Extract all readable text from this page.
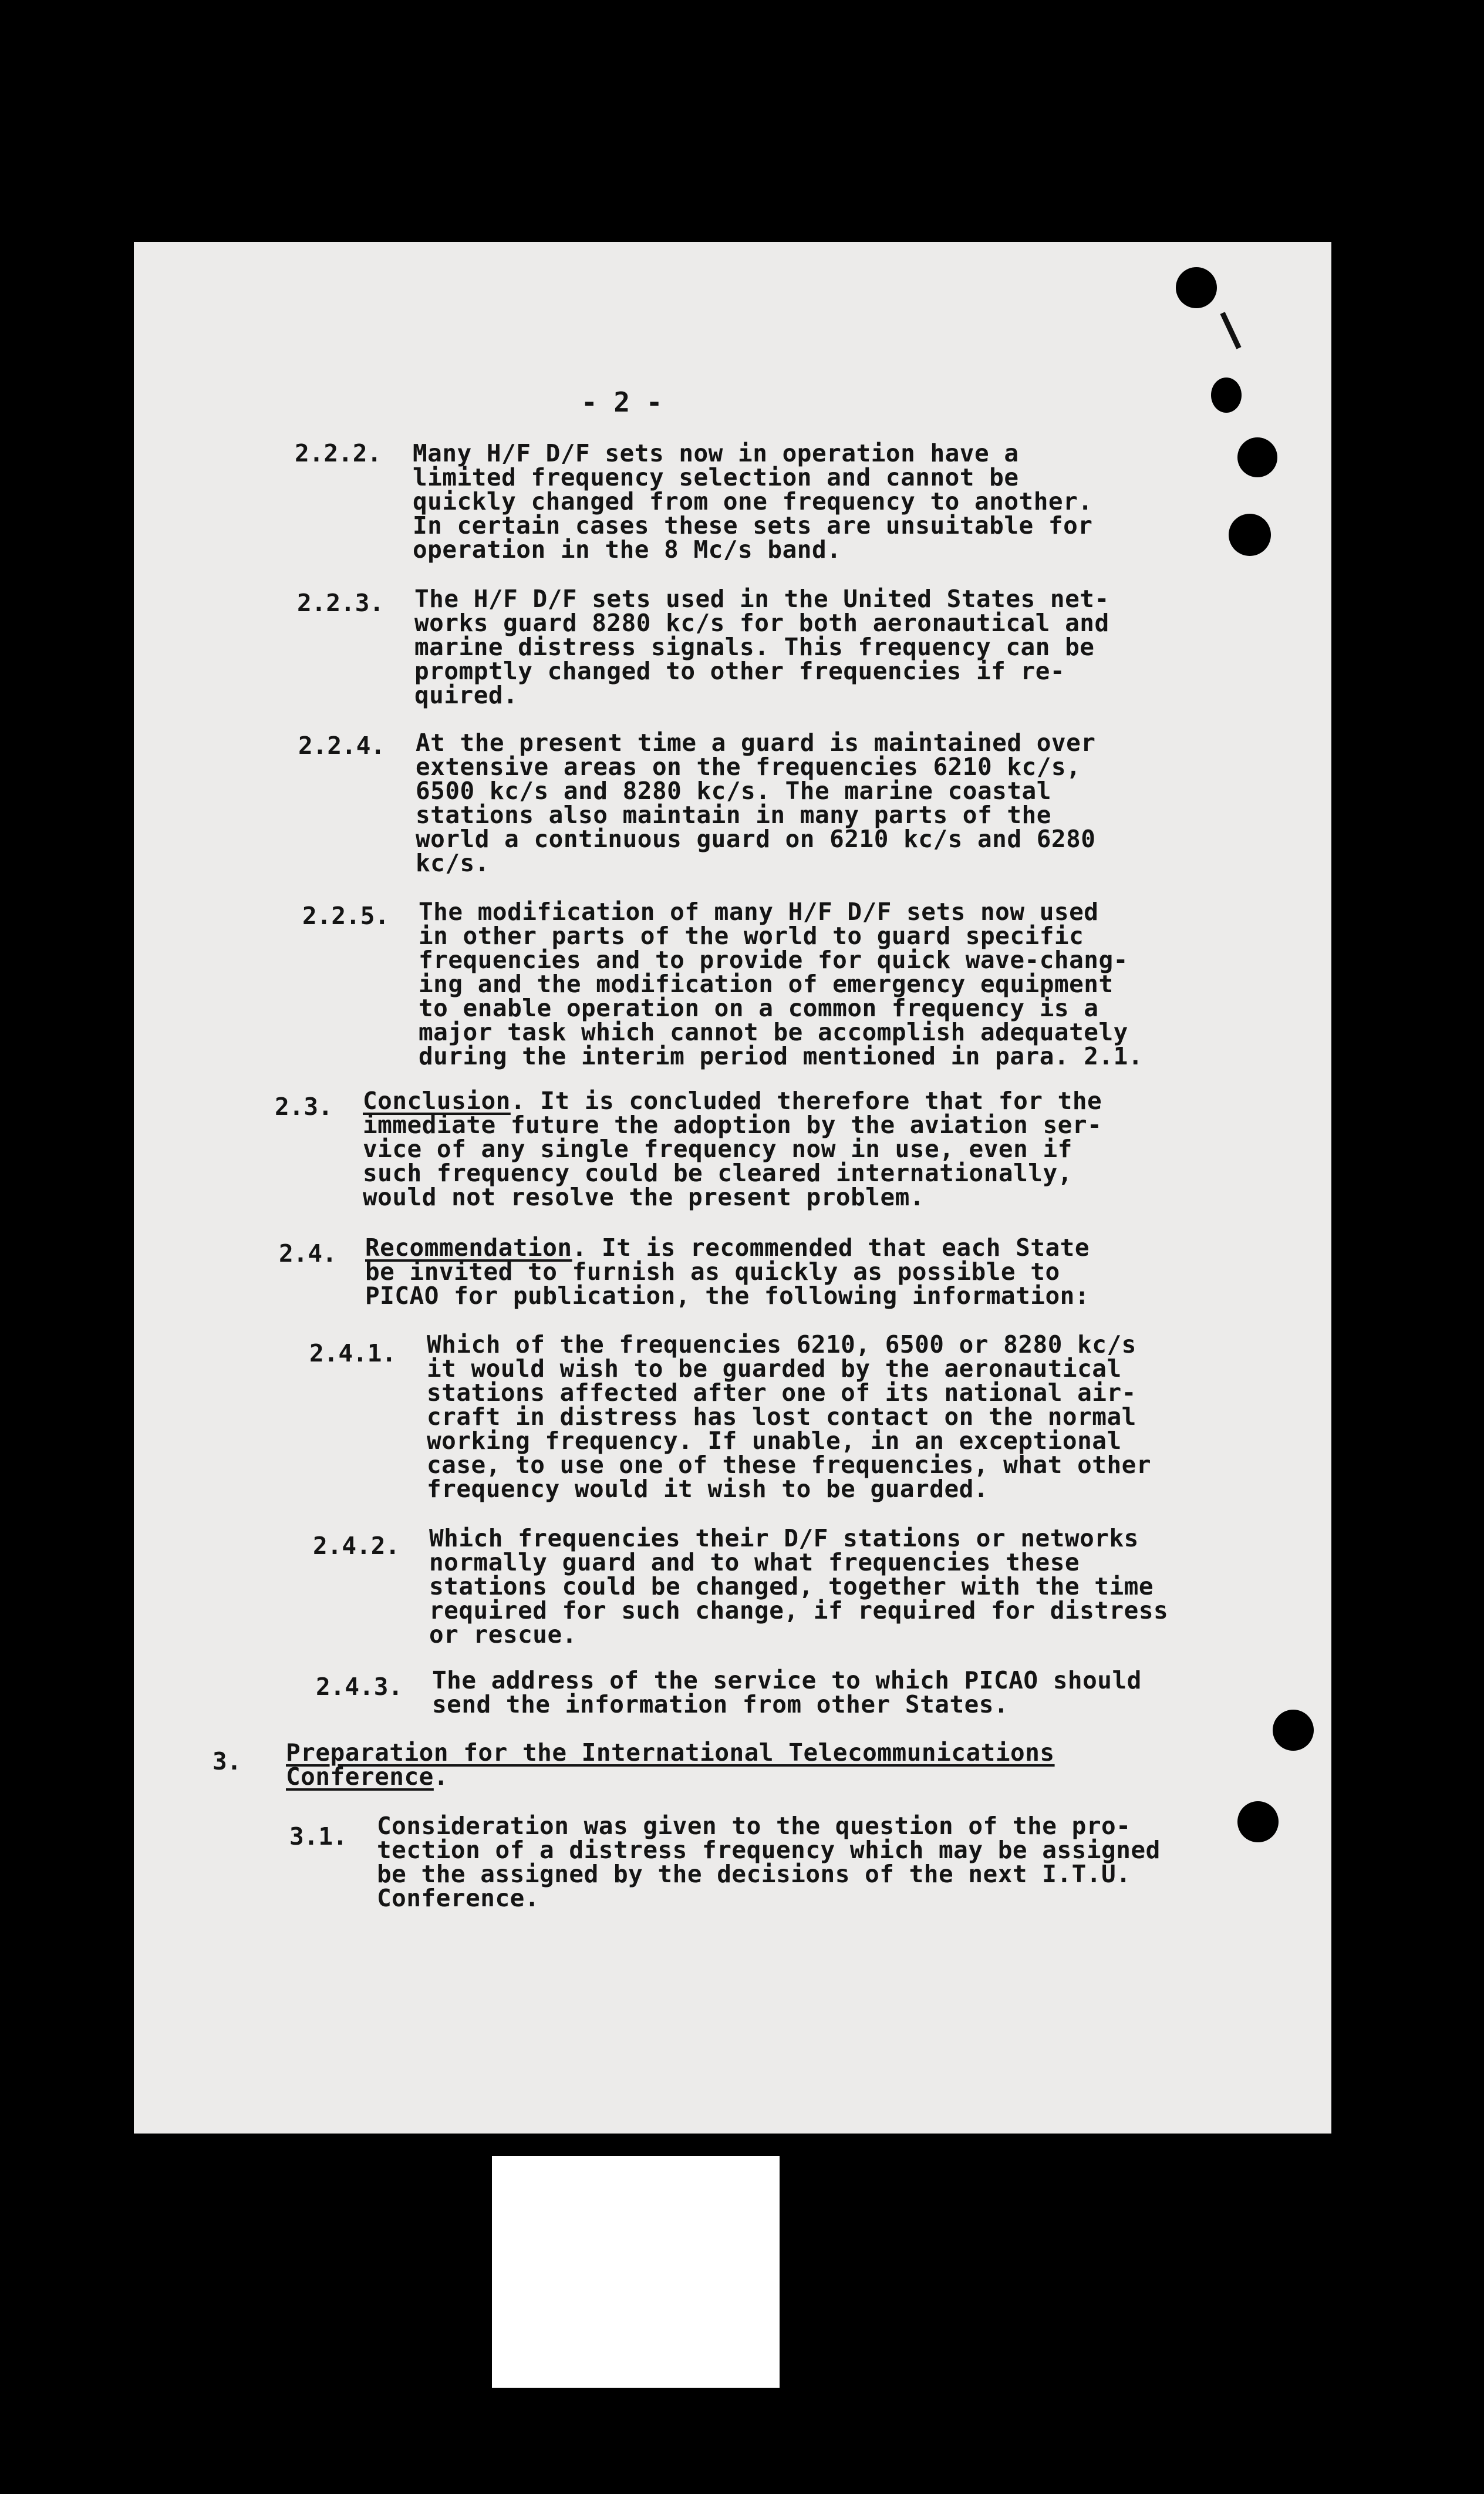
- 2 -
2.2.2. Many H/F D/F sets now in operation have a
limited frequency selection and cannot be
quickly changed from one frequency to another.
In certain cases these sets are unsuitable for
operation in the 8 Mc/s band.
2.2.3. The H/F D/F sets used in the United States net-
works guard 8280 kc/s for both aeronautical and
marine distress signals. This frequency can be
promptly changed to other frequencies if re-
quired.
2.2.4. At the present time a guard is maintained over
extensive areas on the frequencies 6210 kc/s,
6500 kc/s and 8280 kc/s. The marine coastal
stations also maintain in many parts of the
world a continuous guard on 6210 kc/s and 6280
kc/s.
2.2.5. The modification of many H/F D/F sets now used
in other parts of the world to guard specific
frequencies and to provide for quick wave-chang-
ing and the modification of emergency equipment
to enable operation on a common frequency is a
major task which cannot be accomplish adequately
during the interim period mentioned in para. 2.1.
2.3. Conclusion. It is concluded therefore that for the
immediate future the adoption by the aviation ser-
vice of any single frequency now in use, even if
such frequency could be cleared internationally,
would not resolve the present problem.
2.4. Recommendation. It is recommended that each State
be invited to furnish as quickly as possible to
PICAO for publication, the following information:
2.4.1. Which of the frequencies 6210, 6500 or 8280 kc/s
it would wish to be guarded by the aeronautical
stations affected after one of its national air-
craft in distress has lost contact on the normal
working frequency. If unable, in an exceptional
case, to use one of these frequencies, what other
frequency would it wish to be guarded.
2.4.2. Which frequencies their D/F stations or networks
normally guard and to what frequencies these
stations could be changed, together with the time
required for such change, if required for distress
or rescue.
2.4.3. The address of the service to which PICAO should
send the information from other States.
3. Preparation for the International Telecommunications
Conference.
3.1. Consideration was given to the question of the pro-
tection of a distress frequency which may be assigned
be the assigned by the decisions of the next I.T.U.
Conference.
